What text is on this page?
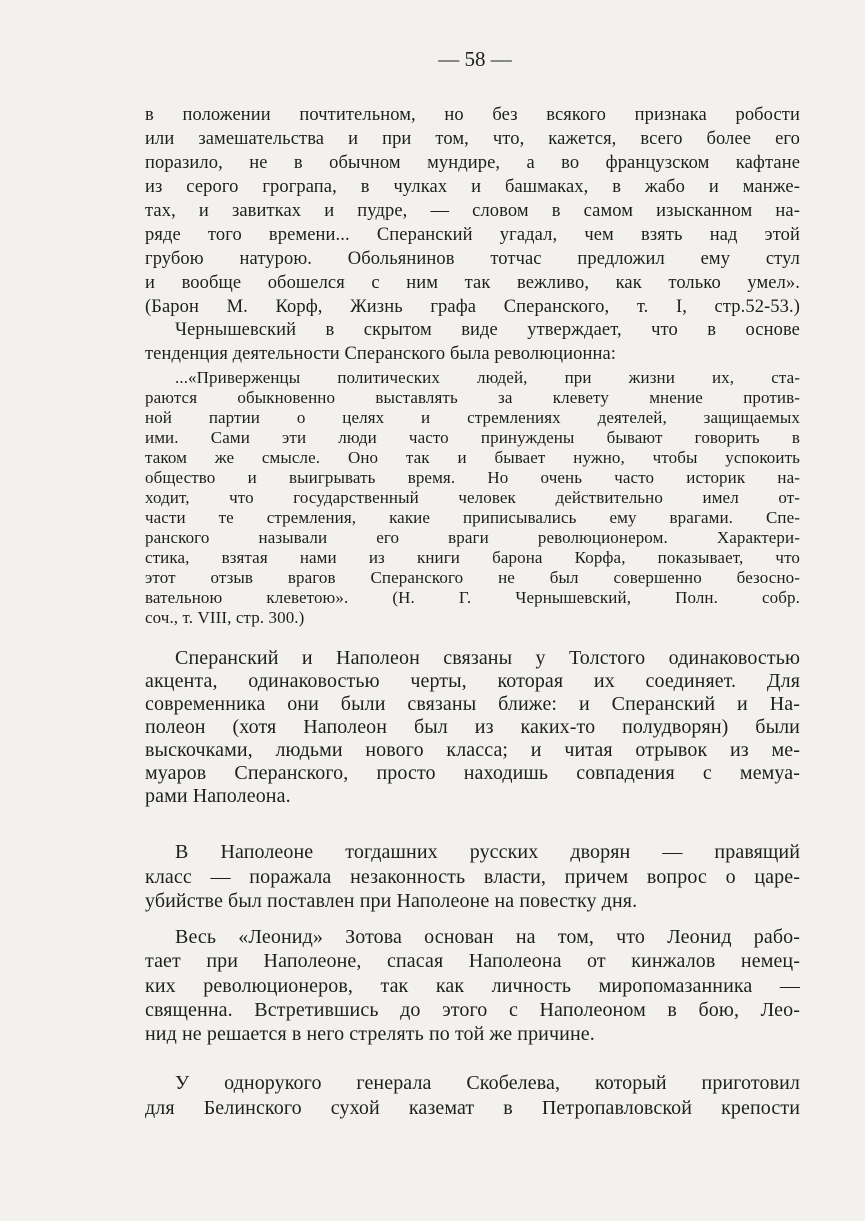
— 58 —
в положении почтительном, но без всякого признака робости
или замешательства и при том, что, кажется, всего более его
поразило, не в обычном мундире, а во французском кафтане
из серого грограпа, в чулках и башмаках, в жабо и манже-
тах, и завитках и пудре, — словом в самом изысканном на-
ряде того времени... Сперанский угадал, чем взять над этой
грубою натурою. Обольянинов тотчас предложил ему стул
и вообще обошелся с ним так вежливо, как только умел».
(Барон М. Корф, Жизнь графа Сперанского, т. I, стр.52-53.)
Чернышевский в скрытом виде утверждает, что в основе
тенденция деятельности Сперанского была революционна:
...«Приверженцы политических людей, при жизни их, ста-
раются обыкновенно выставлять за клевету мнение против-
ной партии о целях и стремлениях деятелей, защищаемых
ими. Сами эти люди часто принуждены бывают говорить в
таком же смысле. Оно так и бывает нужно, чтобы успокоить
общество и выигрывать время. Но очень часто историк на-
ходит, что государственный человек действительно имел от-
части те стремления, какие приписывались ему врагами. Спе-
ранского называли его враги революционером. Характери-
стика, взятая нами из книги барона Корфа, показывает, что
этот отзыв врагов Сперанского не был совершенно безосно-
вательною клеветою». (Н. Г. Чернышевский, Полн. собр.
соч., т. VIII, стр. 300.)
Сперанский и Наполеон связаны у Толстого одинаковостью
акцента, одинаковостью черты, которая их соединяет. Для
современника они были связаны ближе: и Сперанский и На-
полеон (хотя Наполеон был из каких-то полудворян) были
выскочками, людьми нового класса; и читая отрывок из ме-
муаров Сперанского, просто находишь совпадения с мемуа-
рами Наполеона.
В Наполеоне тогдашних русских дворян — правящий
класс — поражала незаконность власти, причем вопрос о царе-
убийстве был поставлен при Наполеоне на повестку дня.
Весь «Леонид» Зотова основан на том, что Леонид рабо-
тает при Наполеоне, спасая Наполеона от кинжалов немец-
ких революционеров, так как личность миропомазанника —
священна. Встретившись до этого с Наполеоном в бою, Лео-
нид не решается в него стрелять по той же причине.
У однорукого генерала Скобелева, который приготовил
для Белинского сухой каземат в Петропавловской крепости
